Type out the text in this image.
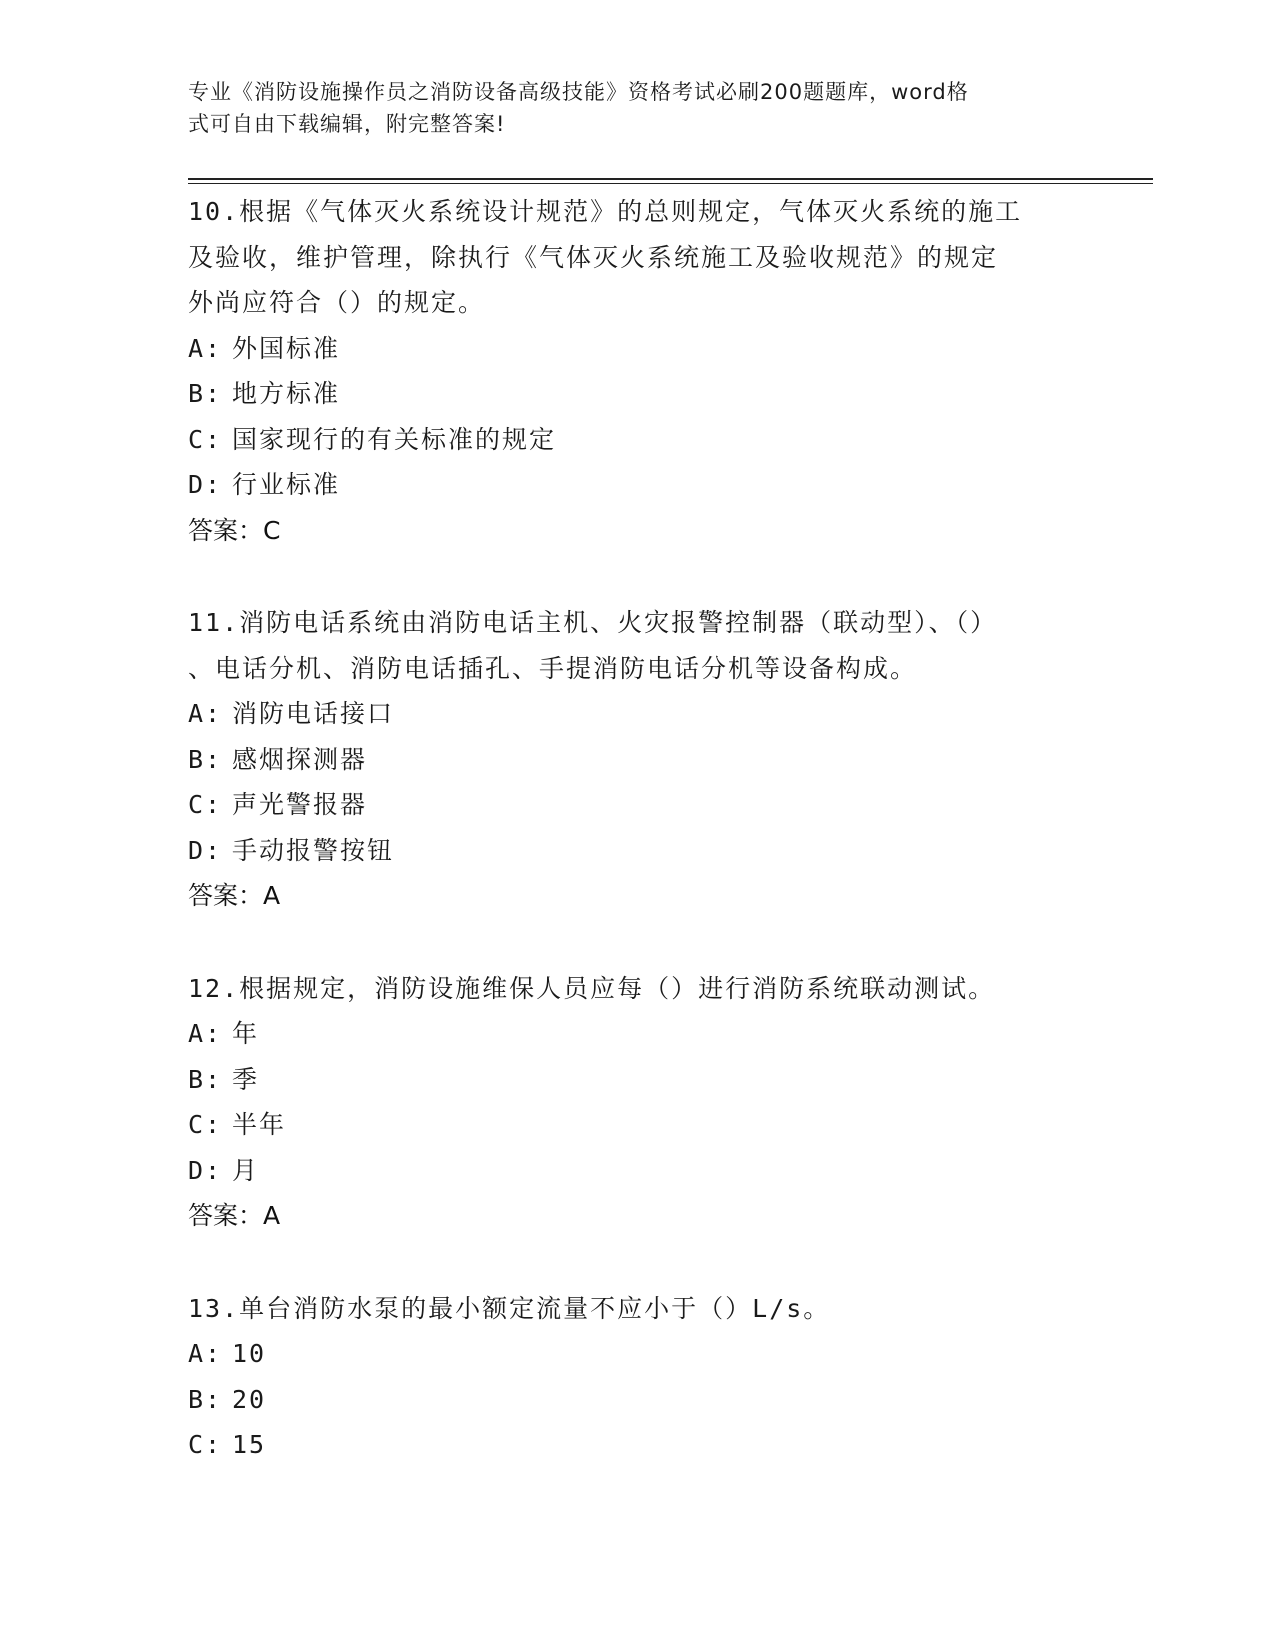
专业《消防设施操作员之消防设备高级技能》资格考试必刷200题题库，word格
式可自由下载编辑，附完整答案!
10.根据《气体灭火系统设计规范》的总则规定，气体灭火系统的施工
及验收，维护管理，除执行《气体灭火系统施工及验收规范》的规定
外尚应符合（）的规定。
A: 外国标准
B: 地方标准
C: 国家现行的有关标准的规定
D: 行业标准
答案：C
11.消防电话系统由消防电话主机、火灾报警控制器（联动型）、（）
、电话分机、消防电话插孔、手提消防电话分机等设备构成。
A: 消防电话接口
B: 感烟探测器
C: 声光警报器
D: 手动报警按钮
答案：A
12.根据规定，消防设施维保人员应每（）进行消防系统联动测试。
A: 年
B: 季
C: 半年
D: 月
答案：A
13.单台消防水泵的最小额定流量不应小于（）L/s。
A: 10
B: 20
C: 15
